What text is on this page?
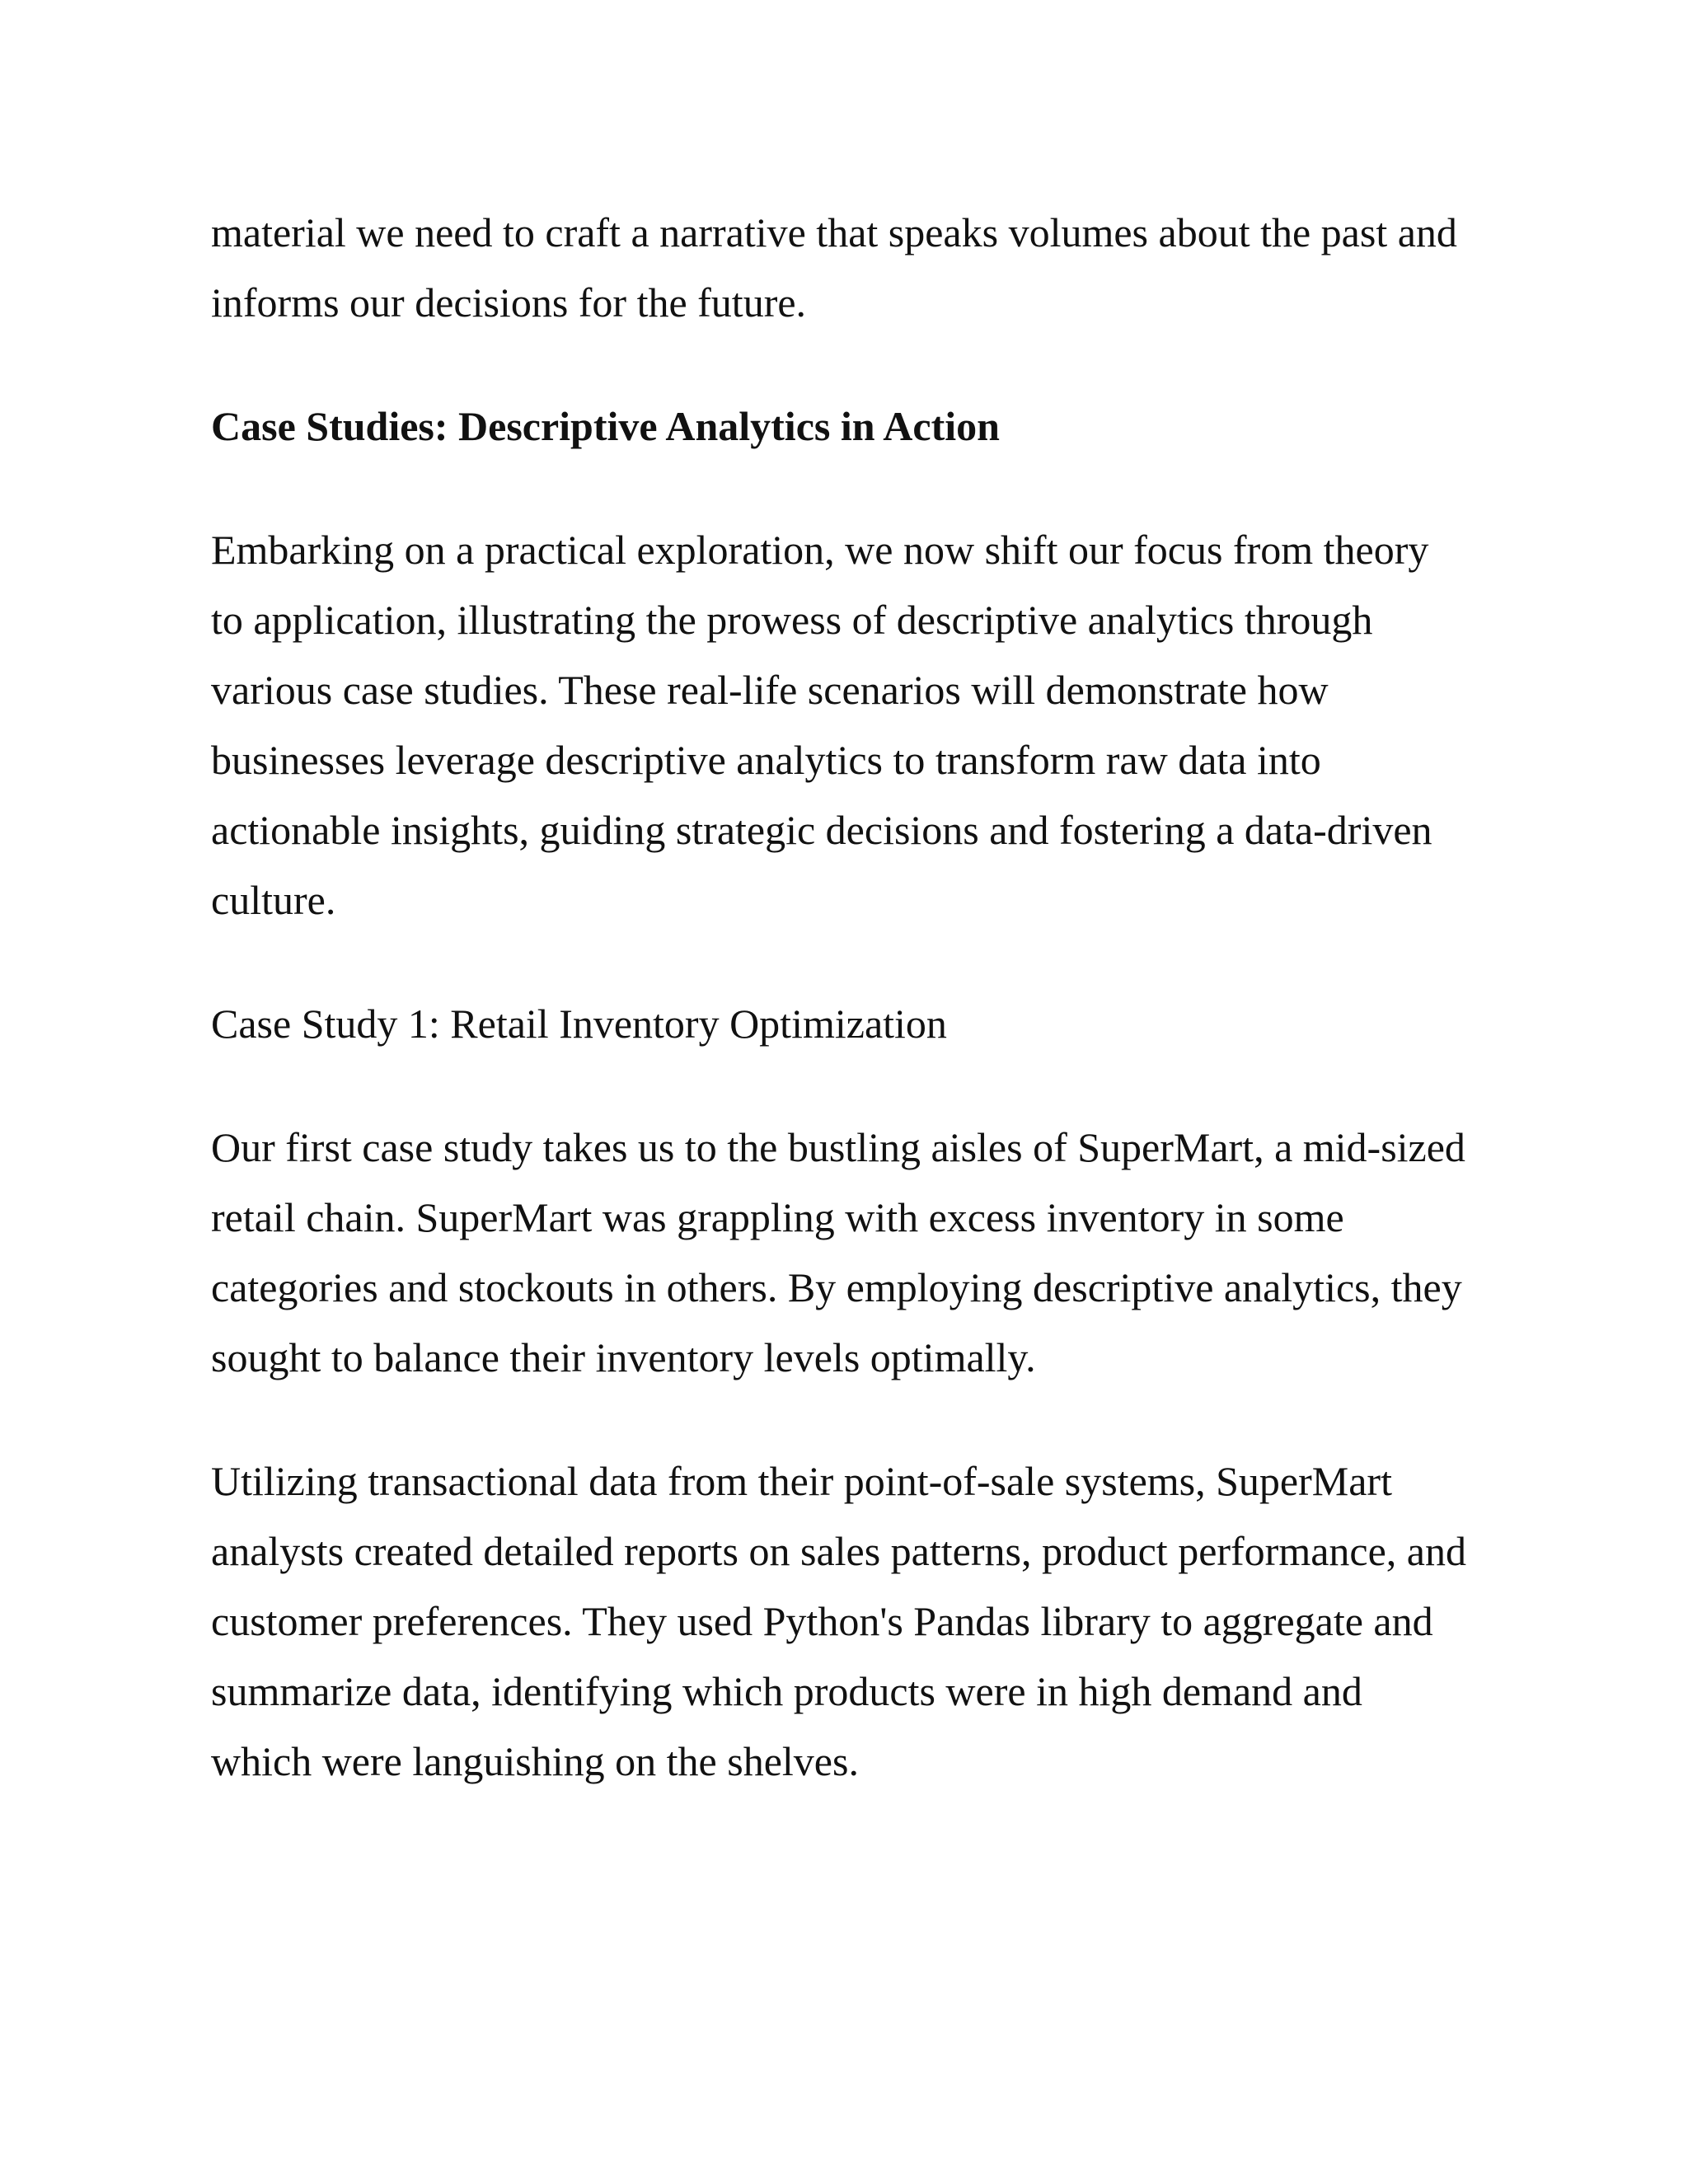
material we need to craft a narrative that speaks volumes about the past and
informs our decisions for the future.

Case Studies: Descriptive Analytics in Action

Embarking on a practical exploration, we now shift our focus from theory
to application, illustrating the prowess of descriptive analytics through
various case studies. These real-life scenarios will demonstrate how
businesses leverage descriptive analytics to transform raw data into
actionable insights, guiding strategic decisions and fostering a data-driven
culture.

Case Study 1: Retail Inventory Optimization

Our first case study takes us to the bustling aisles of SuperMart, a mid-sized
retail chain. SuperMart was grappling with excess inventory in some
categories and stockouts in others. By employing descriptive analytics, they
sought to balance their inventory levels optimally.

Utilizing transactional data from their point-of-sale systems, SuperMart
analysts created detailed reports on sales patterns, product performance, and
customer preferences. They used Python's Pandas library to aggregate and
summarize data, identifying which products were in high demand and
which were languishing on the shelves.
